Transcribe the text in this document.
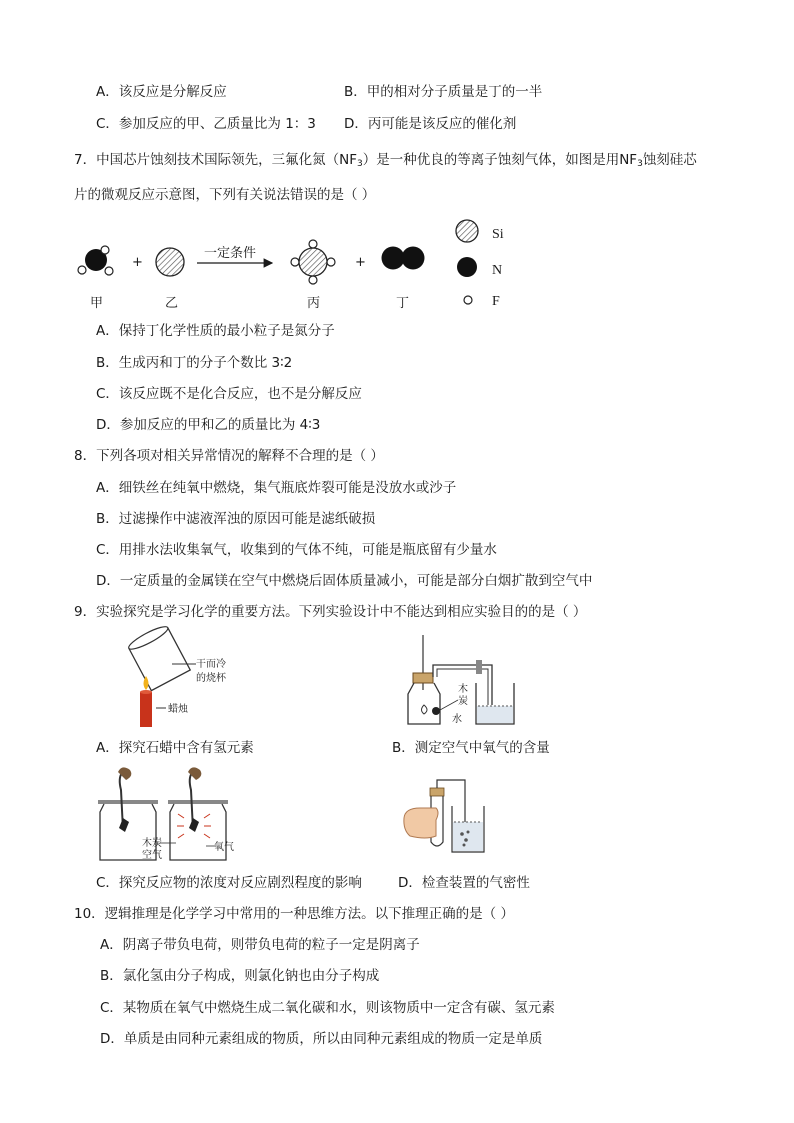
A．该反应是分解反应	B．甲的相对分子质量是丁的一半
C．参加反应的甲、乙质量比为 1：3 D．丙可能是该反应的催化剂
7．中国芯片蚀刻技术国际领先，三氟化氮$(NF_3)$是一种优良的等离子蚀刻气体，如图是用$NF_3$蚀刻硅芯
片的微观反应示意图，下列有关说法错误的是（ ）
+
一定条件
+
甲	乙	丙	丁
Si
N
F
A．保持丁化学性质的最小粒子是氮分子
B．生成丙和丁的分子个数比 3∶2
C．该反应既不是化合反应，也不是分解反应
D．参加反应的甲和乙的质量比为 4∶3
8．下列各项对相关异常情况的解释不合理的是（ ）
A．细铁丝在纯氧中燃烧，集气瓶底炸裂可能是没放水或沙子
B．过滤操作中滤液浑浊的原因可能是滤纸破损
C．用排水法收集氧气，收集到的气体不纯，可能是瓶底留有少量水
D．一定质量的金属镁在空气中燃烧后固体质量减小，可能是部分白烟扩散到空气中
9．实验探究是学习化学的重要方法。下列实验设计中不能达到相应实验目的的是（ ）
干而冷
的烧杯
蜡烛
木
炭
水
木炭
空气
氧气
A．探究石蜡中含有氢元素	B．测定空气中氧气的含量
C．探究反应物的浓度对反应剧烈程度的影响	D．检查装置的气密性
10．逻辑推理是化学学习中常用的一种思维方法。以下推理正确的是（ ）
A．阴离子带负电荷，则带负电荷的粒子一定是阴离子
B．氯化氢由分子构成，则氯化钠也由分子构成
C．某物质在氧气中燃烧生成二氧化碳和水，则该物质中一定含有碳、氢元素
D．单质是由同种元素组成的物质，所以由同种元素组成的物质一定是单质
